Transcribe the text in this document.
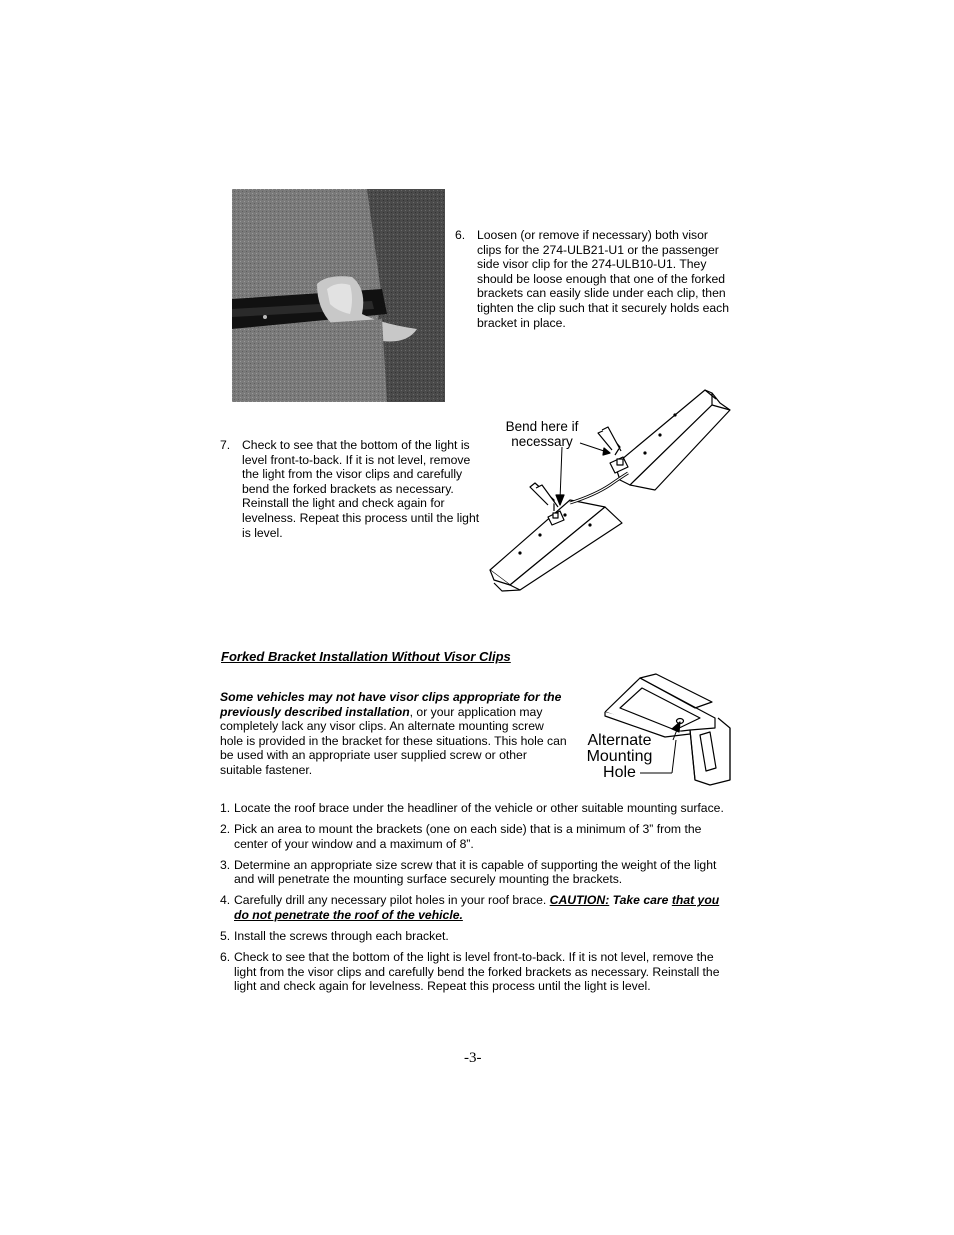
6. Loosen (or remove if necessary) both visor clips for the 274-ULB21-U1 or the passenger side visor clip for the 274-ULB10-U1. They should be loose enough that one of the forked brackets can easily slide under each clip, then tighten the clip such that it securely holds each bracket in place.
7. Check to see that the bottom of the light is level front-to-back. If it is not level, remove the light from the visor clips and carefully bend the forked brackets as necessary. Reinstall the light and check again for levelness. Repeat this process until the light is level.
Bend here if
necessary
Forked Bracket Installation Without Visor Clips
Some vehicles may not have visor clips appropriate for the previously described installation, or your application may completely lack any visor clips. An alternate mounting screw hole is provided in the bracket for these situations. This hole can be used with an appropriate user supplied screw or other suitable fastener.
Alternate
Mounting
Hole
1. Locate the roof brace under the headliner of the vehicle or other suitable mounting surface.
2. Pick an area to mount the brackets (one on each side) that is a minimum of 3” from the center of your window and a maximum of 8”.
3. Determine an appropriate size screw that it is capable of supporting the weight of the light and will penetrate the mounting surface securely mounting the brackets.
4. Carefully drill any necessary pilot holes in your roof brace. CAUTION: Take care that you do not penetrate the roof of the vehicle.
5. Install the screws through each bracket.
6. Check to see that the bottom of the light is level front-to-back. If it is not level, remove the light from the visor clips and carefully bend the forked brackets as necessary. Reinstall the light and check again for levelness. Repeat this process until the light is level.
-3-
